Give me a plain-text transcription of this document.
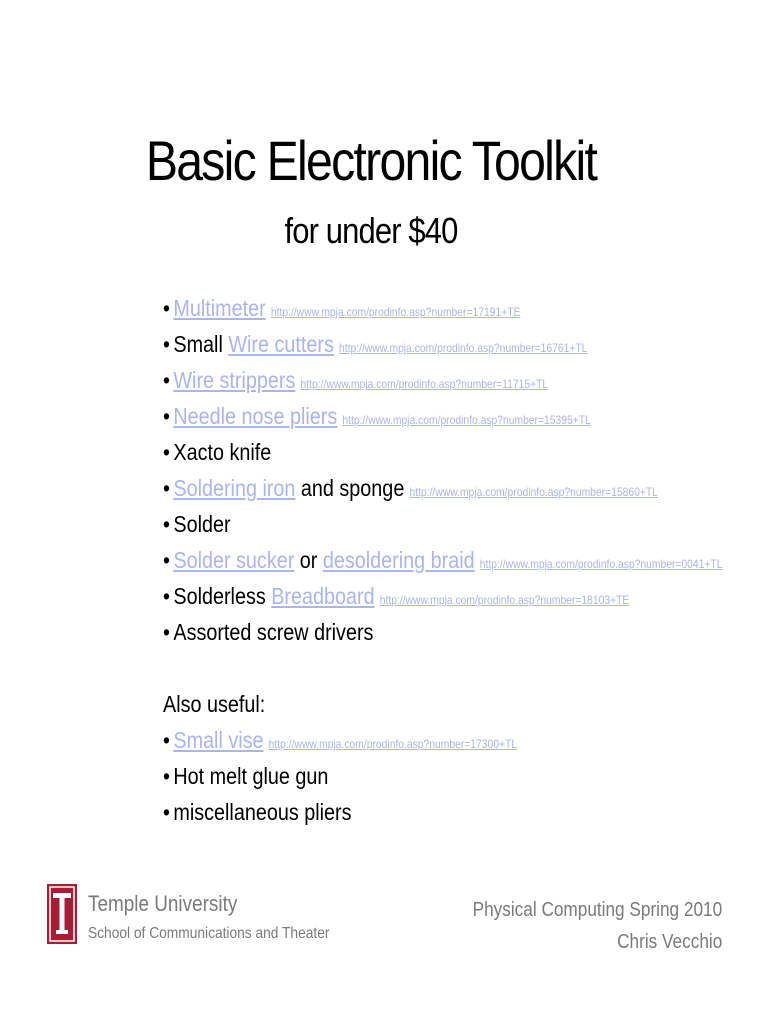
Basic Electronic Toolkit
for under $40
• Multimeter http://www.mpja.com/prodinfo.asp?number=17191+TE
• Small Wire cutters http://www.mpja.com/prodinfo.asp?number=16761+TL
• Wire strippers http://www.mpja.com/prodinfo.asp?number=11715+TL
• Needle nose pliers http://www.mpja.com/prodinfo.asp?number=15395+TL
• Xacto knife
• Soldering iron and sponge http://www.mpja.com/prodinfo.asp?number=15860+TL
• Solder
• Solder sucker or desoldering braid http://www.mpja.com/prodinfo.asp?number=0041+TL
• Solderless Breadboard http://www.mpja.com/prodinfo.asp?number=18103+TE
• Assorted screw drivers
Also useful:
• Small vise http://www.mpja.com/prodinfo.asp?number=17300+TL
• Hot melt glue gun
• miscellaneous pliers
T
Temple University
School of Communications and Theater
Physical Computing Spring 2010
Chris Vecchio
